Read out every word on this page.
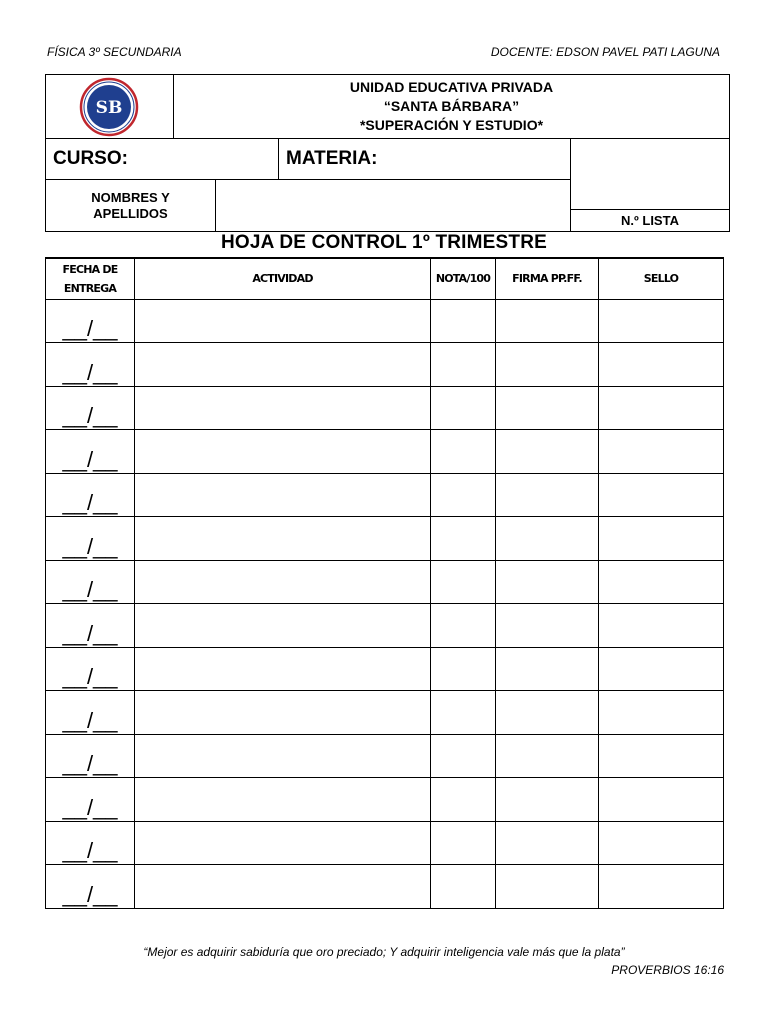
FÍSICA 3º SECUNDARIA	DOCENTE: EDSON PAVEL PATI LAGUNA
SB
UNIDAD EDUCATIVA PRIVADA
“SANTA BÁRBARA”
*SUPERACIÓN Y ESTUDIO*
CURSO:	MATERIA:
N.º LISTA
NOMBRES Y
APELLIDOS
HOJA DE CONTROL 1º TRIMESTRE
FECHA DE
ENTREGA	ACTIVIDAD	NOTA/100	FIRMA PP.FF.	SELLO
__/__				
__/__				
__/__				
__/__				
__/__				
__/__				
__/__				
__/__				
__/__				
__/__				
__/__				
__/__				
__/__				
__/__				
“Mejor es adquirir sabiduría que oro preciado; Y adquirir inteligencia vale más que la plata”
PROVERBIOS 16:16
